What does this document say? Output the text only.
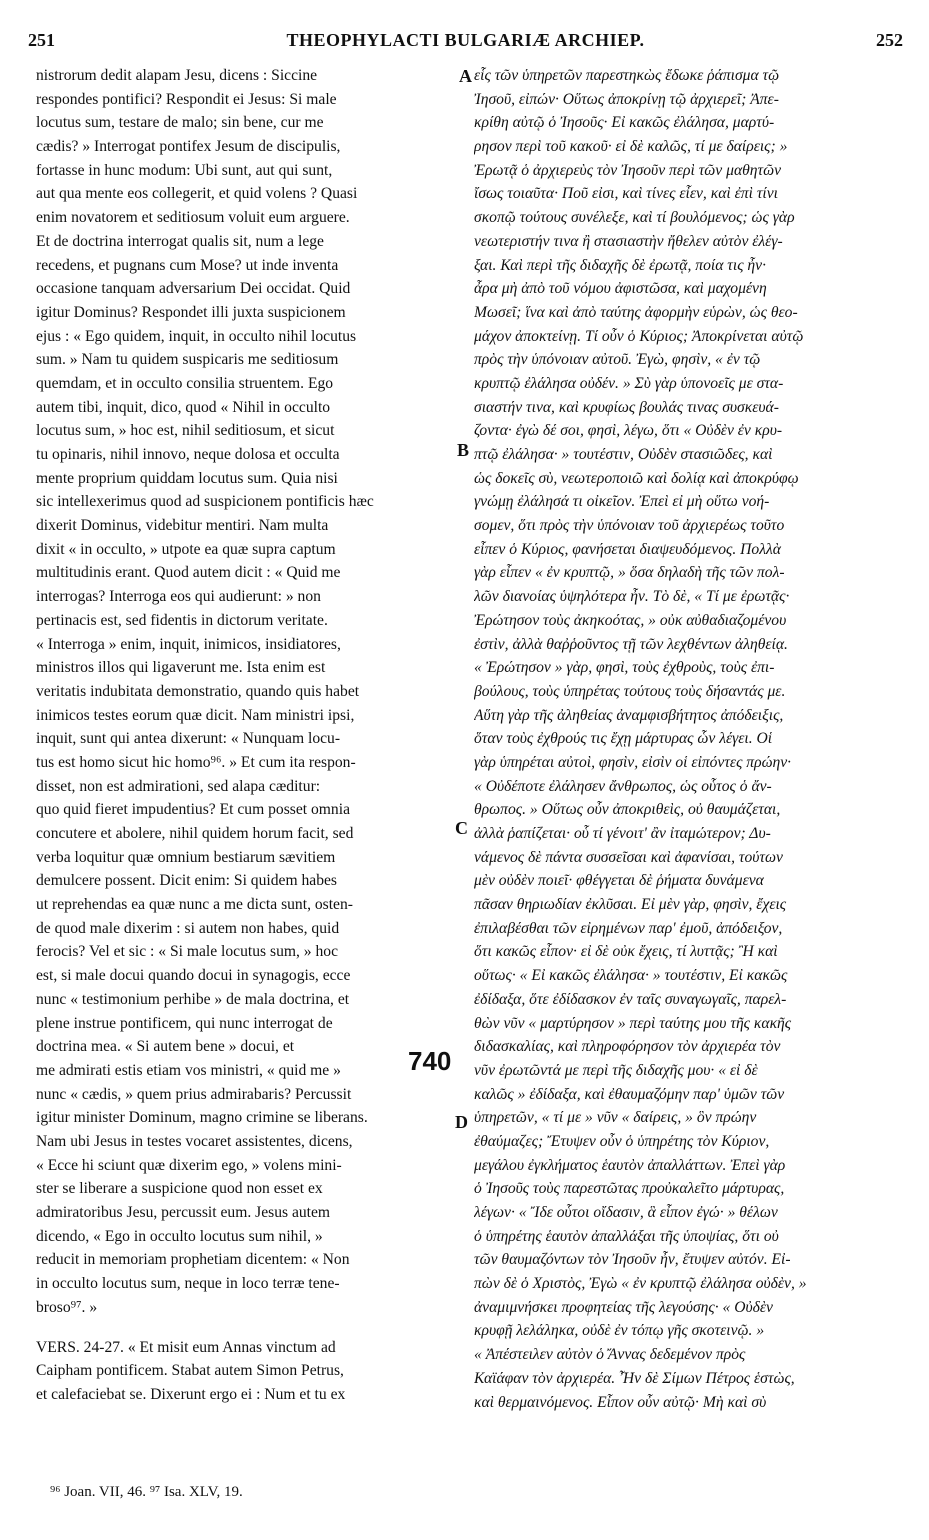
251	THEOPHYLACTI BULGARIÆ ARCHIEP.	252
nistrorum dedit alapam Jesu, dicens : Siccine
respondes pontifici? Respondit ei Jesus: Si male
locutus sum, testare de malo; sin bene, cur me
cædis? » Interrogat pontifex Jesum de discipulis,
fortasse in hunc modum: Ubi sunt, aut qui sunt,
aut qua mente eos collegerit, et quid volens ? Quasi
enim novatorem et seditiosum voluit eum arguere.
Et de doctrina interrogat qualis sit, num a lege
recedens, et pugnans cum Mose? ut inde inventa
occasione tanquam adversarium Dei occidat. Quid
igitur Dominus? Respondet illi juxta suspicionem
ejus : « Ego quidem, inquit, in occulto nihil locutus
sum. » Nam tu quidem suspicaris me seditiosum
quemdam, et in occulto consilia struentem. Ego
autem tibi, inquit, dico, quod « Nihil in occulto
locutus sum, » hoc est, nihil seditiosum, et sicut
tu opinaris, nihil innovo, neque dolosa et occulta
mente proprium quiddam locutus sum. Quia nisi
sic intellexerimus quod ad suspicionem pontificis hæc
dixerit Dominus, videbitur mentiri. Nam multa
dixit « in occulto, » utpote ea quæ supra captum
multitudinis erant. Quod autem dicit : « Quid me
interrogas? Interroga eos qui audierunt: » non
pertinacis est, sed fidentis in dictorum veritate.
« Interroga » enim, inquit, inimicos, insidiatores,
ministros illos qui ligaverunt me. Ista enim est
veritatis indubitata demonstratio, quando quis habet
inimicos testes eorum quæ dicit. Nam ministri ipsi,
inquit, sunt qui antea dixerunt: « Nunquam locu-
tus est homo sicut hic homo⁹⁶. » Et cum ita respon-
disset, non est admirationi, sed alapa cæditur:
quo quid fieret impudentius? Et cum posset omnia
concutere et abolere, nihil quidem horum facit, sed
verba loquitur quæ omnium bestiarum sævitiem
demulcere possent. Dicit enim: Si quidem habes
ut reprehendas ea quæ nunc a me dicta sunt, osten-
de quod male dixerim : si autem non habes, quid
ferocis? Vel et sic : « Si male locutus sum, » hoc
est, si male docui quando docui in synagogis, ecce
nunc « testimonium perhibe » de mala doctrina, et
plene instrue pontificem, qui nunc interrogat de
doctrina mea. « Si autem bene » docui, et
me admirati estis etiam vos ministri, « quid me »
nunc « cædis, » quem prius admirabaris? Percussit
igitur minister Dominum, magno crimine se liberans.
Nam ubi Jesus in testes vocaret assistentes, dicens,
« Ecce hi sciunt quæ dixerim ego, » volens mini-
ster se liberare a suspicione quod non esset ex
admiratoribus Jesu, percussit eum. Jesus autem
dicendo, « Ego in occulto locutus sum nihil, »
reducit in memoriam prophetiam dicentem: « Non
in occulto locutus sum, neque in loco terræ tene-
broso⁹⁷. »
VERS. 24-27. « Et misit eum Annas vinctum ad
Caipham pontificem. Stabat autem Simon Petrus,
et calefaciebat se. Dixerunt ergo ei : Num et tu ex
εἷς τῶν ὑπηρετῶν παρεστηκὼς ἔδωκε ῥάπισμα τῷ
Ἰησοῦ, εἰπών· Οὕτως ἀποκρίνῃ τῷ ἀρχιερεῖ; Ἀπε-
κρίθη αὐτῷ ὁ Ἰησοῦς· Εἰ κακῶς ἐλάλησα, μαρτύ-
ρησον περὶ τοῦ κακοῦ· εἰ δὲ καλῶς, τί με δαίρεις; »
Ἐρωτᾷ ὁ ἀρχιερεὺς τὸν Ἰησοῦν περὶ τῶν μαθητῶν
ἴσως τοιαῦτα· Ποῦ εἰσι, καὶ τίνες εἶεν, καὶ ἐπὶ τίνι
σκοπῷ τούτους συνέλεξε, καὶ τί βουλόμενος; ὡς γὰρ
νεωτεριστήν τινα ἢ στασιαστὴν ἤθελεν αὐτὸν ἐλέγ-
ξαι. Καὶ περὶ τῆς διδαχῆς δὲ ἐρωτᾷ, ποία τις ἦν·
ἆρα μὴ ἀπὸ τοῦ νόμου ἀφιστῶσα, καὶ μαχομένη
Μωσεῖ; ἵνα καὶ ἀπὸ ταύτης ἀφορμὴν εὑρὼν, ὡς θεο-
μάχον ἀποκτείνῃ. Τί οὖν ὁ Κύριος; Ἀποκρίνεται αὐτῷ
πρὸς τὴν ὑπόνοιαν αὐτοῦ. Ἐγὼ, φησὶν, « ἐν τῷ
κρυπτῷ ἐλάλησα οὐδέν. » Σὺ γὰρ ὑπονοεῖς με στα-
σιαστήν τινα, καὶ κρυφίως βουλάς τινας συσκευά-
ζοντα· ἐγὼ δέ σοι, φησὶ, λέγω, ὅτι « Οὐδὲν ἐν κρυ-
πτῷ ἐλάλησα· » τουτέστιν, Οὐδὲν στασιῶδες, καὶ
ὡς δοκεῖς σὺ, νεωτεροποιῶ καὶ δολίᾳ καὶ ἀποκρύφῳ
γνώμῃ ἐλάλησά τι οἰκεῖον. Ἐπεὶ εἰ μὴ οὕτω νοή-
σομεν, ὅτι πρὸς τὴν ὑπόνοιαν τοῦ ἀρχιερέως τοῦτο
εἶπεν ὁ Κύριος, φανήσεται διαψευδόμενος. Πολλὰ
γὰρ εἶπεν « ἐν κρυπτῷ, » ὅσα δηλαδὴ τῆς τῶν πολ-
λῶν διανοίας ὑψηλότερα ἦν. Τὸ δὲ, « Τί με ἐρωτᾷς·
Ἐρώτησον τοὺς ἀκηκοότας, » οὐκ αὐθαδιαζομένου
ἐστὶν, ἀλλὰ θαῤῥοῦντος τῇ τῶν λεχθέντων ἀληθείᾳ.
« Ἐρώτησον » γὰρ, φησὶ, τοὺς ἐχθροὺς, τοὺς ἐπι-
βούλους, τοὺς ὑπηρέτας τούτους τοὺς δήσαντάς με.
Αὕτη γὰρ τῆς ἀληθείας ἀναμφισβήτητος ἀπόδειξις,
ὅταν τοὺς ἐχθρούς τις ἔχῃ μάρτυρας ὧν λέγει. Οἱ
γὰρ ὑπηρέται αὐτοὶ, φησὶν, εἰσὶν οἱ εἰπόντες πρώην·
« Οὐδέποτε ἐλάλησεν ἄνθρωπος, ὡς οὗτος ὁ ἄν-
θρωπος. » Οὕτως οὖν ἀποκριθεὶς, οὐ θαυμάζεται,
ἀλλὰ ῥαπίζεται· οὗ τί γένοιτ' ἂν ἰταμώτερον; Δυ-
νάμενος δὲ πάντα συσσεῖσαι καὶ ἀφανίσαι, τούτων
μὲν οὐδὲν ποιεῖ· φθέγγεται δὲ ῥήματα δυνάμενα
πᾶσαν θηριωδίαν ἐκλῦσαι. Εἰ μὲν γὰρ, φησὶν, ἔχεις
ἐπιλαβέσθαι τῶν εἰρημένων παρ' ἐμοῦ, ἀπόδειξον,
ὅτι κακῶς εἶπον· εἰ δὲ οὐκ ἔχεις, τί λυττᾷς; Ἢ καὶ
οὕτως· « Εἰ κακῶς ἐλάλησα· » τουτέστιν, Εἰ κακῶς
ἐδίδαξα, ὅτε ἐδίδασκον ἐν ταῖς συναγωγαῖς, παρελ-
θὼν νῦν « μαρτύρησον » περὶ ταύτης μου τῆς κακῆς
διδασκαλίας, καὶ πληροφόρησον τὸν ἀρχιερέα τὸν
νῦν ἐρωτῶντά με περὶ τῆς διδαχῆς μου· « εἰ δὲ
καλῶς » ἐδίδαξα, καὶ ἐθαυμαζόμην παρ' ὑμῶν τῶν
ὑπηρετῶν, « τί με » νῦν « δαίρεις, » ὃν πρώην
ἐθαύμαζες; Ἔτυψεν οὖν ὁ ὑπηρέτης τὸν Κύριον,
μεγάλου ἐγκλήματος ἑαυτὸν ἀπαλλάττων. Ἐπεὶ γὰρ
ὁ Ἰησοῦς τοὺς παρεστῶτας προὐκαλεῖτο μάρτυρας,
λέγων· « Ἴδε οὗτοι οἴδασιν, ἃ εἶπον ἐγώ· » θέλων
ὁ ὑπηρέτης ἑαυτὸν ἀπαλλάξαι τῆς ὑποψίας, ὅτι οὐ
τῶν θαυμαζόντων τὸν Ἰησοῦν ἦν, ἔτυψεν αὐτόν. Εἰ-
πὼν δὲ ὁ Χριστὸς, Ἐγὼ « ἐν κρυπτῷ ἐλάλησα οὐδὲν, »
ἀναμιμνήσκει προφητείας τῆς λεγούσης· « Οὐδὲν
κρυφῇ λελάληκα, οὐδὲ ἐν τόπῳ γῆς σκοτεινῷ. »
« Ἀπέστειλεν αὐτὸν ὁ Ἄννας δεδεμένον πρὸς
Καϊάφαν τὸν ἀρχιερέα. Ἦν δὲ Σίμων Πέτρος ἑστὼς,
καὶ θερμαινόμενος. Εἶπον οὖν αὐτῷ· Μὴ καὶ σὺ
A
B
C
D
740
⁹⁶ Joan. VII, 46. ⁹⁷ Isa. XLV, 19.
